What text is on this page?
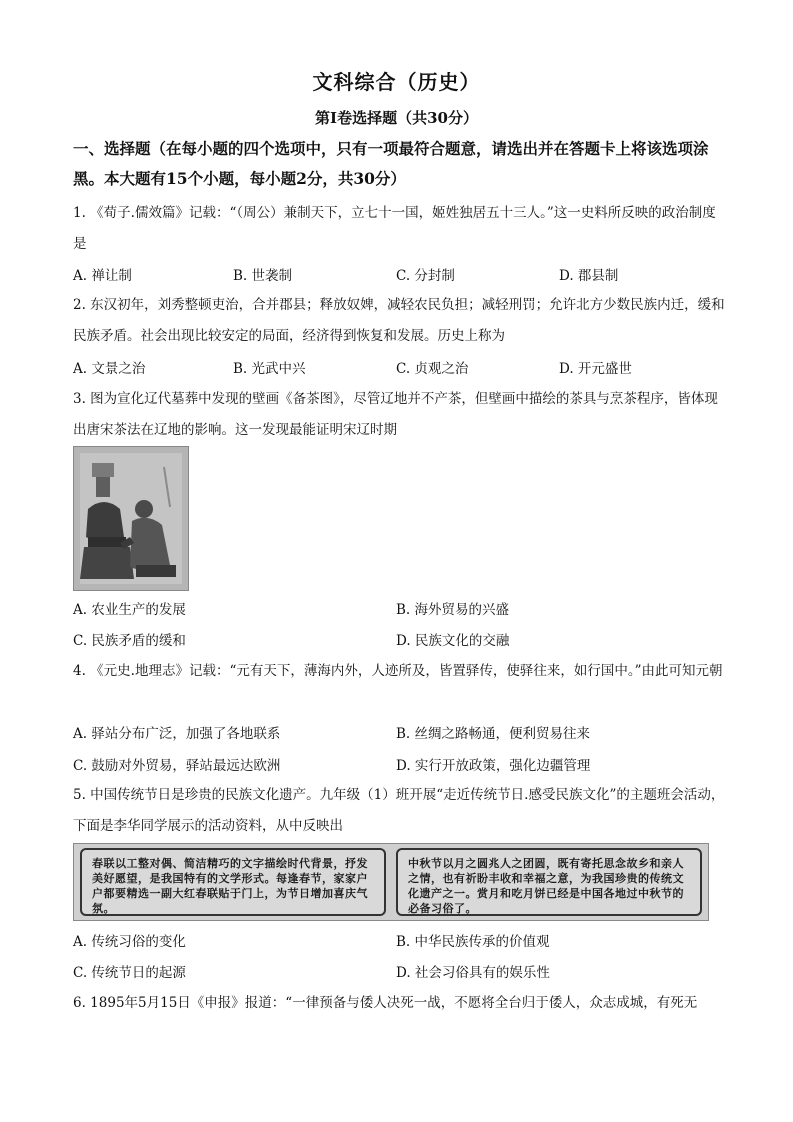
文科综合（历史）
第Ⅰ卷选择题（共30分）
一、选择题（在每小题的四个选项中，只有一项最符合题意，请选出并在答题卡上将该选项涂黑。本大题有15个小题，每小题2分，共30分）
1. 《荀子.儒效篇》记载：“（周公）兼制天下，立七十一国，姬姓独居五十三人。”这一史料所反映的政治制度是
A. 禅让制	B. 世袭制	C. 分封制	D. 郡县制
2. 东汉初年，刘秀整顿吏治，合并郡县；释放奴婢，减轻农民负担；减轻刑罚；允许北方少数民族内迁，缓和民族矛盾。社会出现比较安定的局面，经济得到恢复和发展。历史上称为
A. 文景之治	B. 光武中兴	C. 贞观之治	D. 开元盛世
3. 图为宣化辽代墓葬中发现的壁画《备茶图》，尽管辽地并不产茶，但壁画中描绘的茶具与烹茶程序，皆体现出唐宋茶法在辽地的影响。这一发现最能证明宋辽时期
A. 农业生产的发展	B. 海外贸易的兴盛
C. 民族矛盾的缓和	D. 民族文化的交融
4. 《元史.地理志》记载：“元有天下，薄海内外，人迹所及，皆置驿传，使驿往来，如行国中。”由此可知元朝
A. 驿站分布广泛，加强了各地联系	B. 丝绸之路畅通，便利贸易往来
C. 鼓励对外贸易，驿站最远达欧洲	D. 实行开放政策，强化边疆管理
5. 中国传统节日是珍贵的民族文化遗产。九年级（1）班开展“走近传统节日.感受民族文化”的主题班会活动，下面是李华同学展示的活动资料，从中反映出
春联以工整对偶、简洁精巧的文字描绘时代背景，抒发美好愿望，是我国特有的文学形式。每逢春节，家家户户都要精选一副大红春联贴于门上，为节日增加喜庆气氛。
中秋节以月之圆兆人之团圆，既有寄托思念故乡和亲人之情，也有祈盼丰收和幸福之意，为我国珍贵的传统文化遗产之一。赏月和吃月饼已经是中国各地过中秋节的必备习俗了。
A. 传统习俗的变化	B. 中华民族传承的价值观
C. 传统节日的起源	D. 社会习俗具有的娱乐性
6. 1895年5月15日《申报》报道：“一律预备与倭人决死一战，不愿将全台归于倭人，众志成城，有死无
